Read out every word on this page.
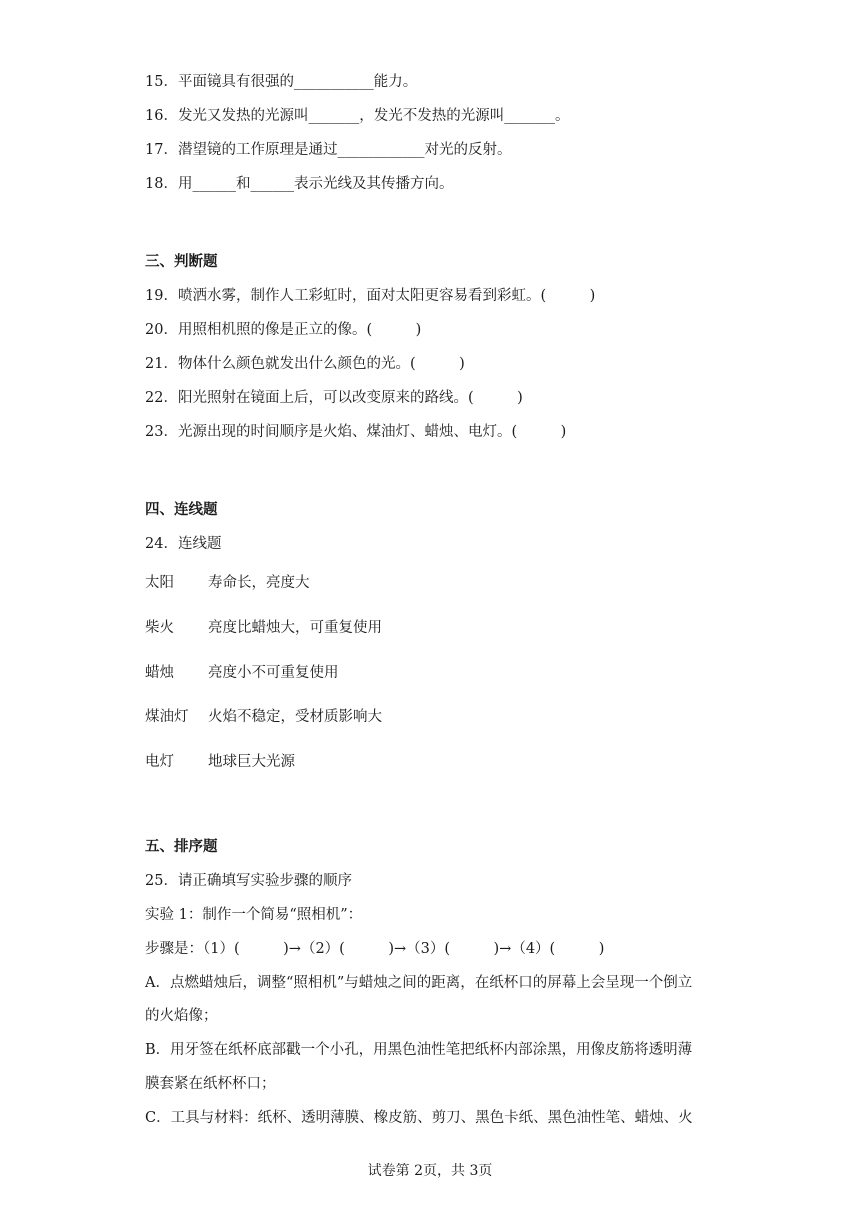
15．平面镜具有很强的___________能力。
16．发光又发热的光源叫_______，发光不发热的光源叫_______。
17．潜望镜的工作原理是通过____________对光的反射。
18．用______和______表示光线及其传播方向。
三、判断题
19．喷洒水雾，制作人工彩虹时，面对太阳更容易看到彩虹。(　　　)
20．用照相机照的像是正立的像。(　　　)
21．物体什么颜色就发出什么颜色的光。(　　　)
22．阳光照射在镜面上后，可以改变原来的路线。(　　　)
23．光源出现的时间顺序是火焰、煤油灯、蜡烛、电灯。(　　　)
四、连线题
24．连线题
太阳 寿命长，亮度大
柴火 亮度比蜡烛大，可重复使用
蜡烛 亮度小不可重复使用
煤油灯 火焰不稳定，受材质影响大
电灯 地球巨大光源
五、排序题
25．请正确填写实验步骤的顺序
实验 1：制作一个简易“照相机”：
步骤是：（1）(　　　)→（2）(　　　)→（3）(　　　)→（4）(　　　)
A．点燃蜡烛后，调整“照相机”与蜡烛之间的距离，在纸杯口的屏幕上会呈现一个倒立
的火焰像；
B．用牙签在纸杯底部戳一个小孔，用黑色油性笔把纸杯内部涂黑，用像皮筋将透明薄
膜套紧在纸杯杯口；
C．工具与材料：纸杯、透明薄膜、橡皮筋、剪刀、黑色卡纸、黑色油性笔、蜡烛、火
试卷第 2页，共 3页
